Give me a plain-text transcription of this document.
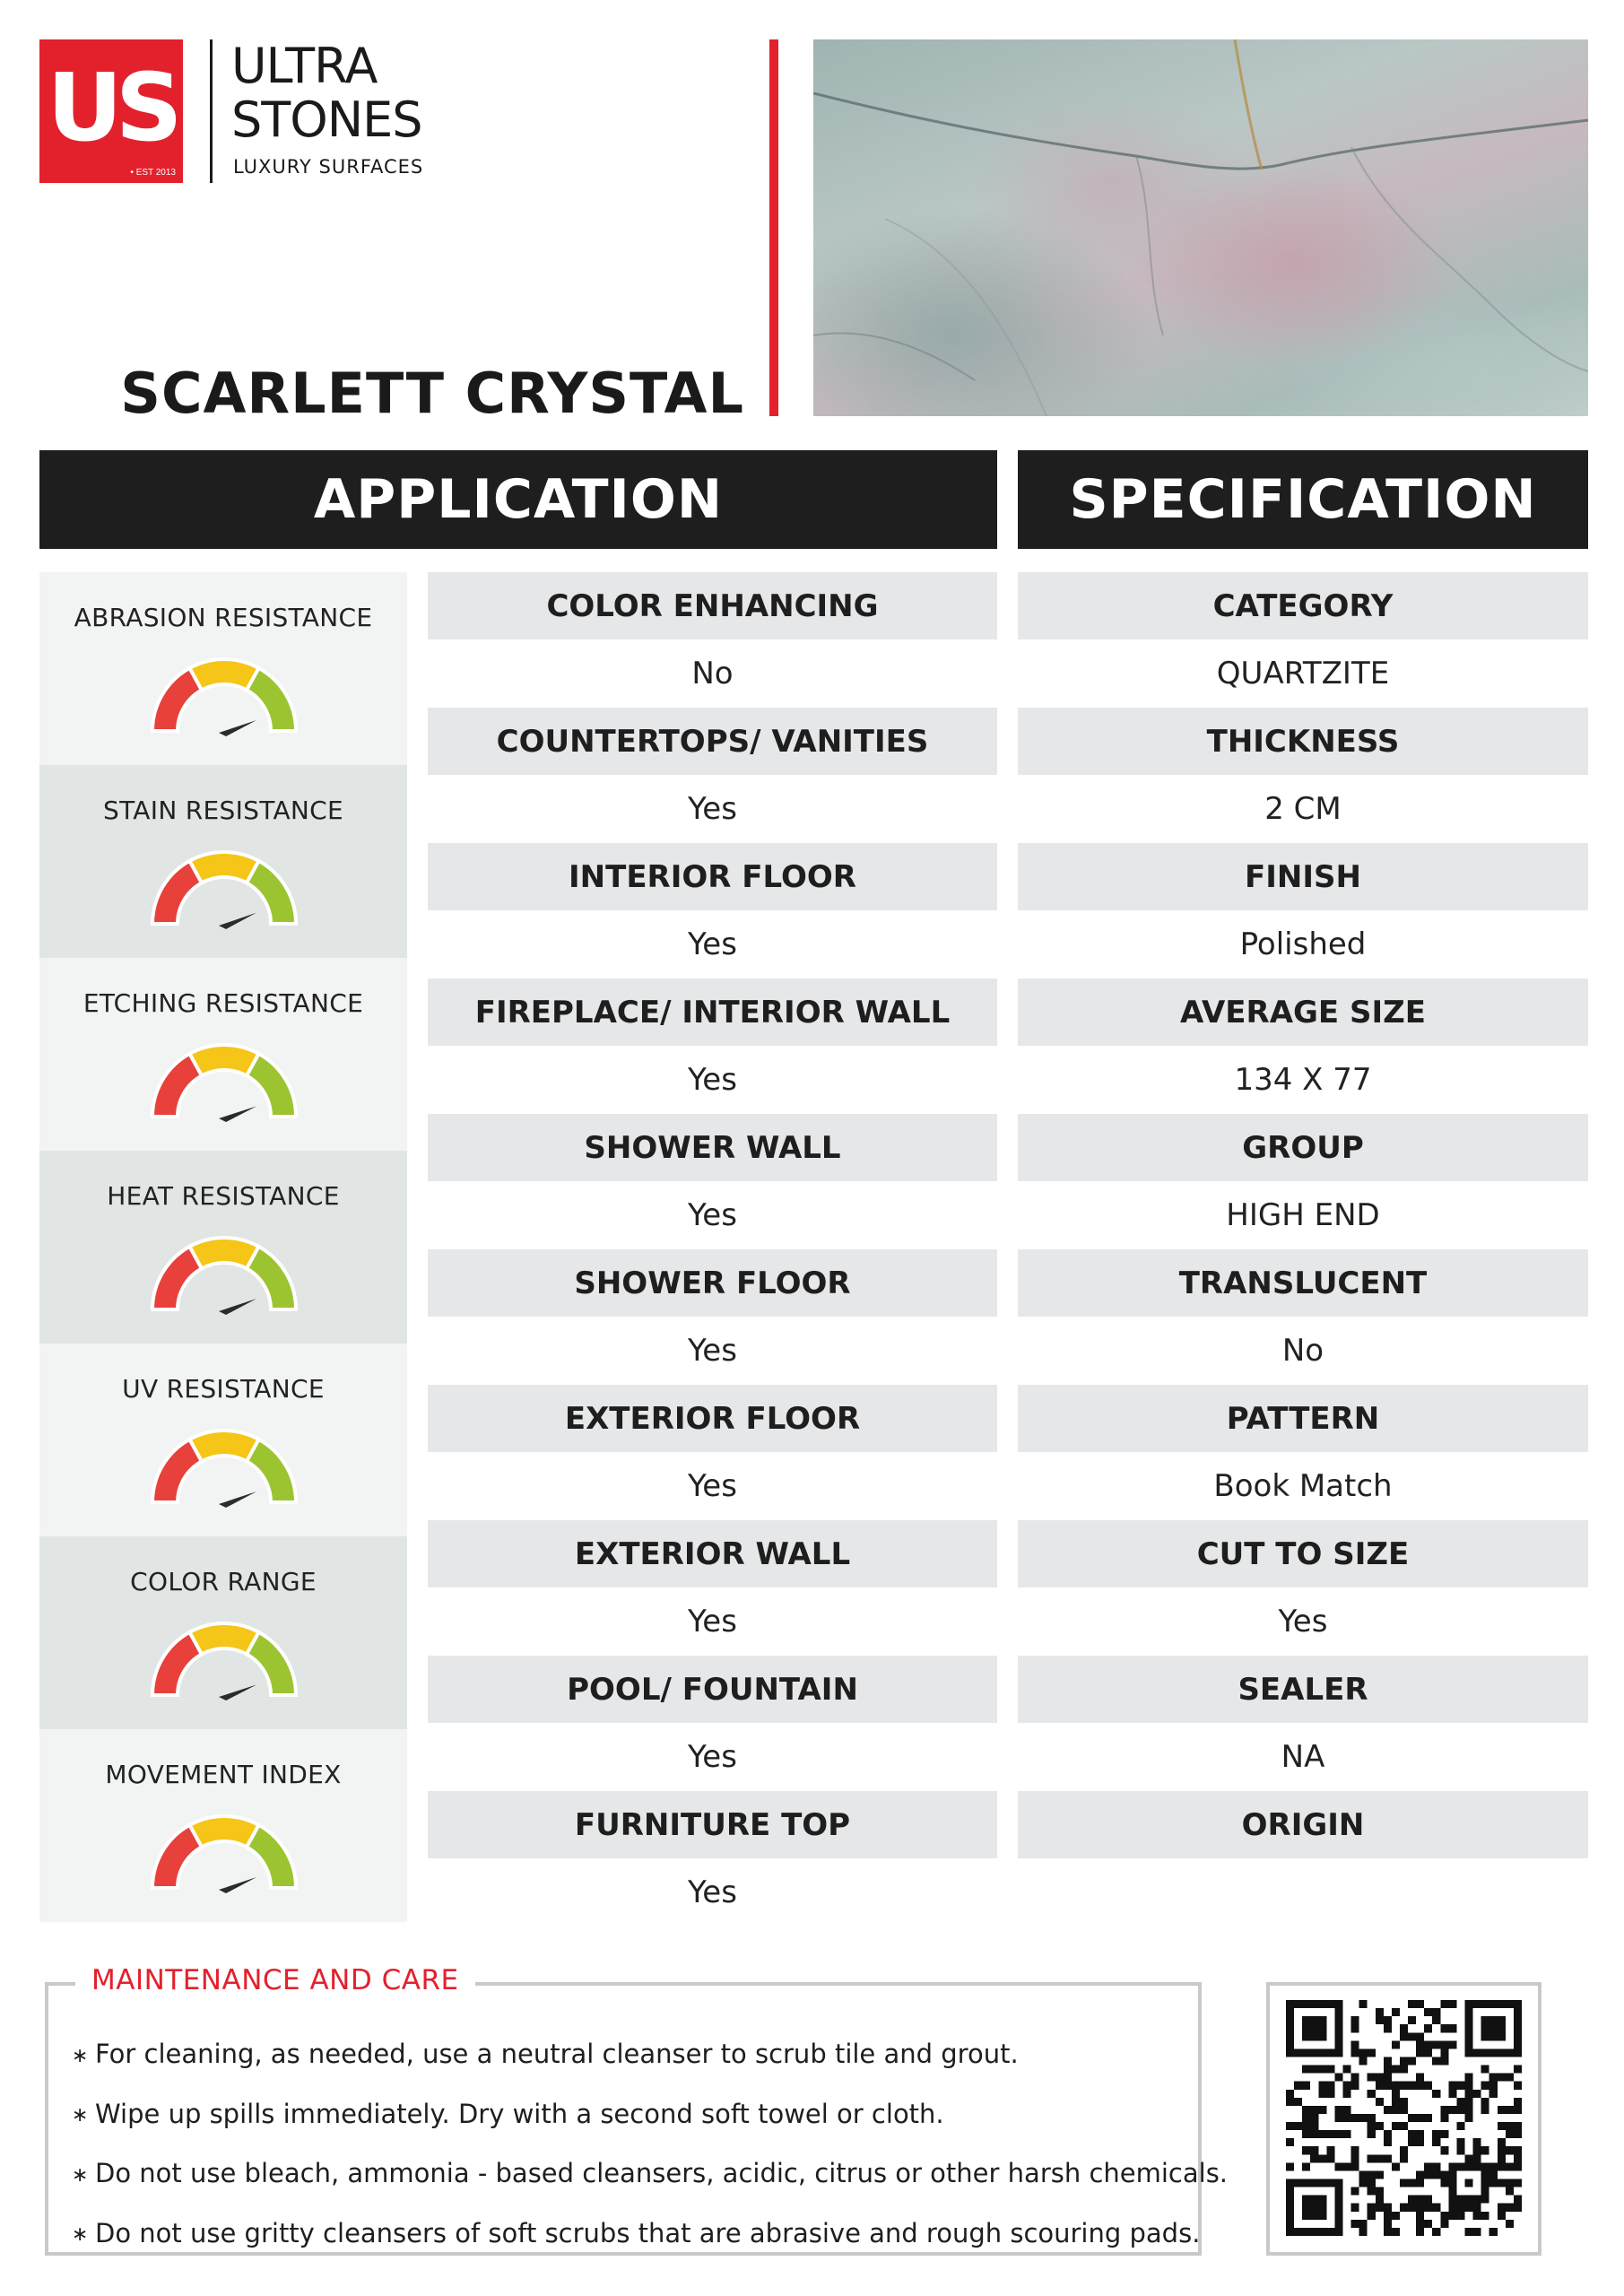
US
• EST 2013
ULTRA
STONES
LUXURY SURFACES
SCARLETT CRYSTAL
APPLICATION	SPECIFICATION
ABRASION RESISTANCE
STAIN RESISTANCE
ETCHING RESISTANCE
HEAT RESISTANCE
UV RESISTANCE
COLOR RANGE
MOVEMENT INDEX
COLOR ENHANCING
No
COUNTERTOPS/ VANITIES
Yes
INTERIOR FLOOR
Yes
FIREPLACE/ INTERIOR WALL
Yes
SHOWER WALL
Yes
SHOWER FLOOR
Yes
EXTERIOR FLOOR
Yes
EXTERIOR WALL
Yes
POOL/ FOUNTAIN
Yes
FURNITURE TOP
Yes
CATEGORY
QUARTZITE
THICKNESS
2 CM
FINISH
Polished
AVERAGE SIZE
134 X 77
GROUP
HIGH END
TRANSLUCENT
No
PATTERN
Book Match
CUT TO SIZE
Yes
SEALER
NA
ORIGIN
MAINTENANCE AND CARE
∗ For cleaning, as needed, use a neutral cleanser to scrub tile and grout.
∗ Wipe up spills immediately. Dry with a second soft towel or cloth.
∗ Do not use bleach, ammonia - based cleansers, acidic, citrus or other harsh chemicals.
∗ Do not use gritty cleansers of soft scrubs that are abrasive and rough scouring pads.
